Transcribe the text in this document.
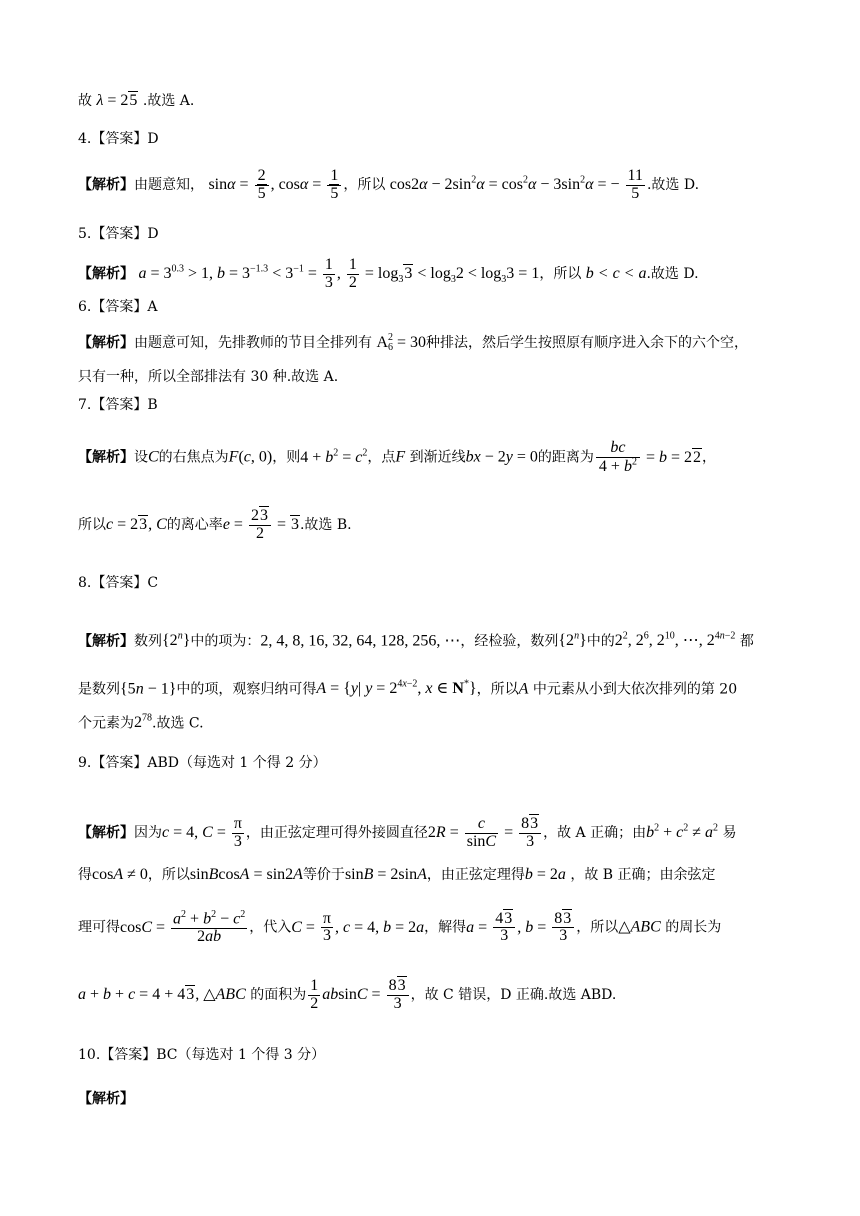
故 λ = 25 .故选 A.
4.【答案】D
【解析】由题意知， $\sin\alpha = \frac{2}{5}$ , $\cos\alpha = \frac{1}{5}$ ，所以 $\cos 2\alpha - 2\sin^2\alpha = \cos^2\alpha - 3\sin^2\alpha$ = − $\frac{11}{5}$ .故选 D.
5.【答案】D
【解析】 $a = 3^{0.3} > 1$, $b = 3^{-1.3} < 3^{-1} = \frac{1}{3}$ , $\frac{1}{2} = \log_33 < \log_32 < \log_33 = 1$，所以 b < c < a.故选 D.
6.【答案】A
【解析】由题意可知，先排教师的节目全排列有 A 2
6 = 30种排法，然后学生按照原有顺序进入余下的六个空，
只有一种，所以全部排法有 30 种.故选 A.
7.【答案】B
【解析】设C的右焦点为F(c, 0)，则$4 + b^2 = c^2$，点F 到渐近线bx − 2y = 0的距离为 $\frac{bc}{4 + b^2} = b = 22$，
所以c = 23, C的离心率$e = \frac{23}{2} = 3$.故选 B.
8.【答案】C
【解析】数列{2$^n$}中的项为：2, 4, 8, 16, 32, 64, 128, 256, ⋯，经检验，数列{2$^n$}中的$2^2$, $2^6$, $2^{10}$, ⋯, $2^{4n-2}$ 都
是数列{5n − 1}中的项，观察归纳可得A = {y| $y = 2^{4x-2}$, x ∈ N*}，所以A 中元素从小到大依次排列的第 20
个元素为$2^{78}$.故选 C.
9.【答案】ABD（每选对 1 个得 2 分）
【解析】因为c = 4, $C = \frac{\pi}{3}$ ，由正弦定理可得外接圆直径$2R = \frac{c}{\sin C} = \frac{83}{3}$ ，故 A 正确；由$b^2 + c^2 \ne a^2$ 易
得cosA ≠ 0，所以sinBcosA = sin2A等价于sinB = 2sinA，由正弦定理得b = 2a ，故 B 正确；由余弦定
理可得$\cos C = \frac{a^2 + b^2 - c^2}{2ab}$ ，代入$C = \frac{\pi}{3}$ , c = 4, b = 2a，解得$a = \frac{43}{3}$ , $b = \frac{83}{3}$ ，所以△ABC 的周长为
a + b + c = 4 + 43, △ABC 的面积为 $\frac{1}{2}$ $absinC = \frac{83}{3}$ ，故 C 错误，D 正确.故选 ABD.
10.【答案】BC（每选对 1 个得 3 分）
【解析】
